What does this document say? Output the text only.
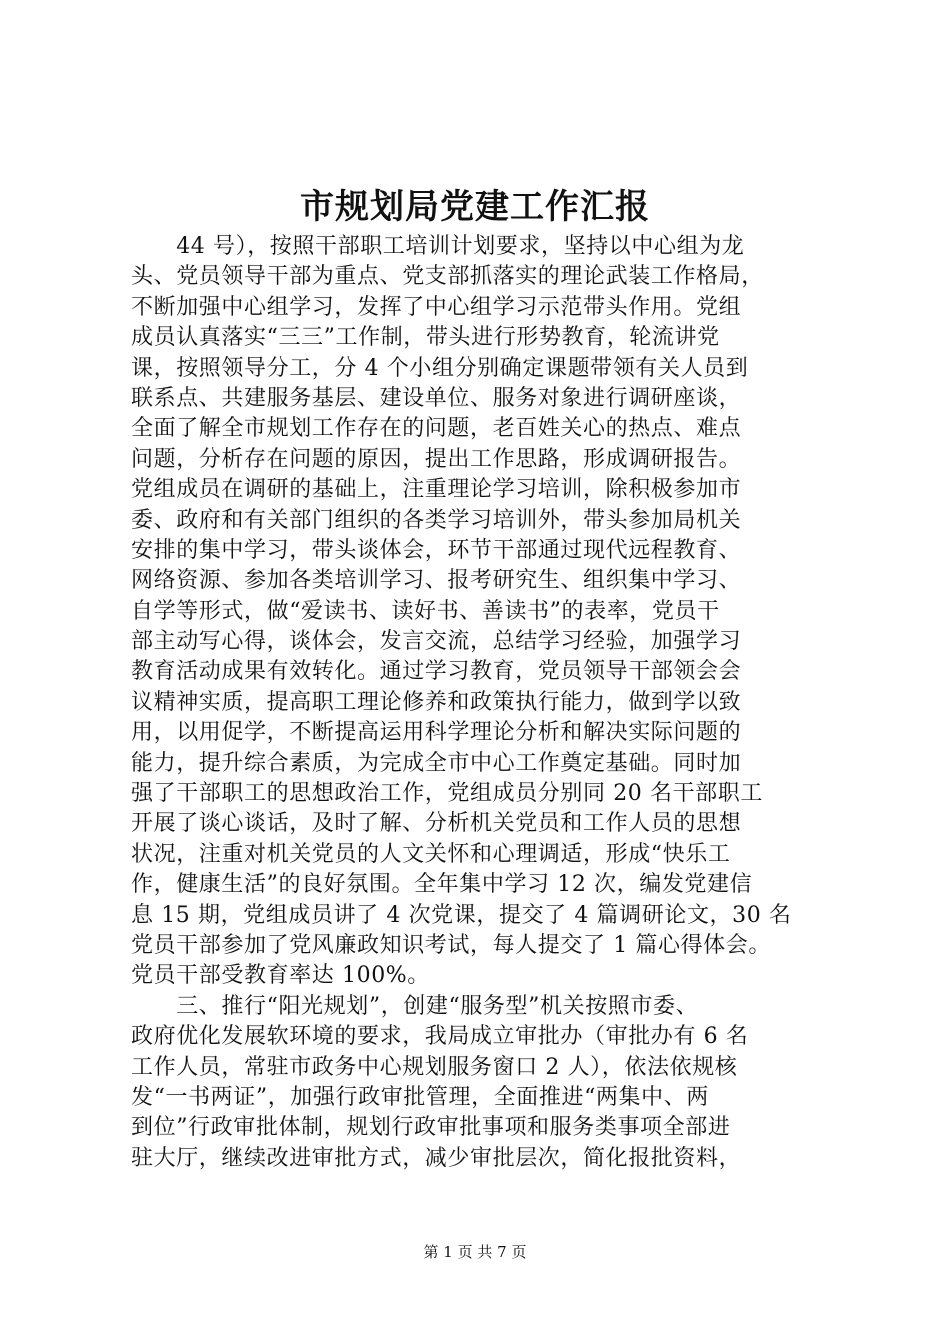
市规划局党建工作汇报
　　44 号），按照干部职工培训计划要求，坚持以中心组为龙
头、党员领导干部为重点、党支部抓落实的理论武装工作格局，
不断加强中心组学习，发挥了中心组学习示范带头作用。党组
成员认真落实“三三”工作制，带头进行形势教育，轮流讲党
课，按照领导分工，分 4 个小组分别确定课题带领有关人员到
联系点、共建服务基层、建设单位、服务对象进行调研座谈，
全面了解全市规划工作存在的问题，老百姓关心的热点、难点
问题，分析存在问题的原因，提出工作思路，形成调研报告。
党组成员在调研的基础上，注重理论学习培训，除积极参加市
委、政府和有关部门组织的各类学习培训外，带头参加局机关
安排的集中学习，带头谈体会，环节干部通过现代远程教育、
网络资源、参加各类培训学习、报考研究生、组织集中学习、
自学等形式，做“爱读书、读好书、善读书”的表率，党员干
部主动写心得，谈体会，发言交流，总结学习经验，加强学习
教育活动成果有效转化。通过学习教育，党员领导干部领会会
议精神实质，提高职工理论修养和政策执行能力，做到学以致
用，以用促学，不断提高运用科学理论分析和解决实际问题的
能力，提升综合素质，为完成全市中心工作奠定基础。同时加
强了干部职工的思想政治工作，党组成员分别同 20 名干部职工
开展了谈心谈话，及时了解、分析机关党员和工作人员的思想
状况，注重对机关党员的人文关怀和心理调适，形成“快乐工
作，健康生活”的良好氛围。全年集中学习 12 次，编发党建信
息 15 期，党组成员讲了 4 次党课，提交了 4 篇调研论文，30 名
党员干部参加了党风廉政知识考试，每人提交了 1 篇心得体会。
党员干部受教育率达 100%。
　　三、推行“阳光规划”，创建“服务型”机关按照市委、
政府优化发展软环境的要求，我局成立审批办（审批办有 6 名
工作人员，常驻市政务中心规划服务窗口 2 人），依法依规核
发“一书两证”，加强行政审批管理，全面推进“两集中、两
到位”行政审批体制，规划行政审批事项和服务类事项全部进
驻大厅，继续改进审批方式，减少审批层次，简化报批资料，
第 1 页 共 7 页
